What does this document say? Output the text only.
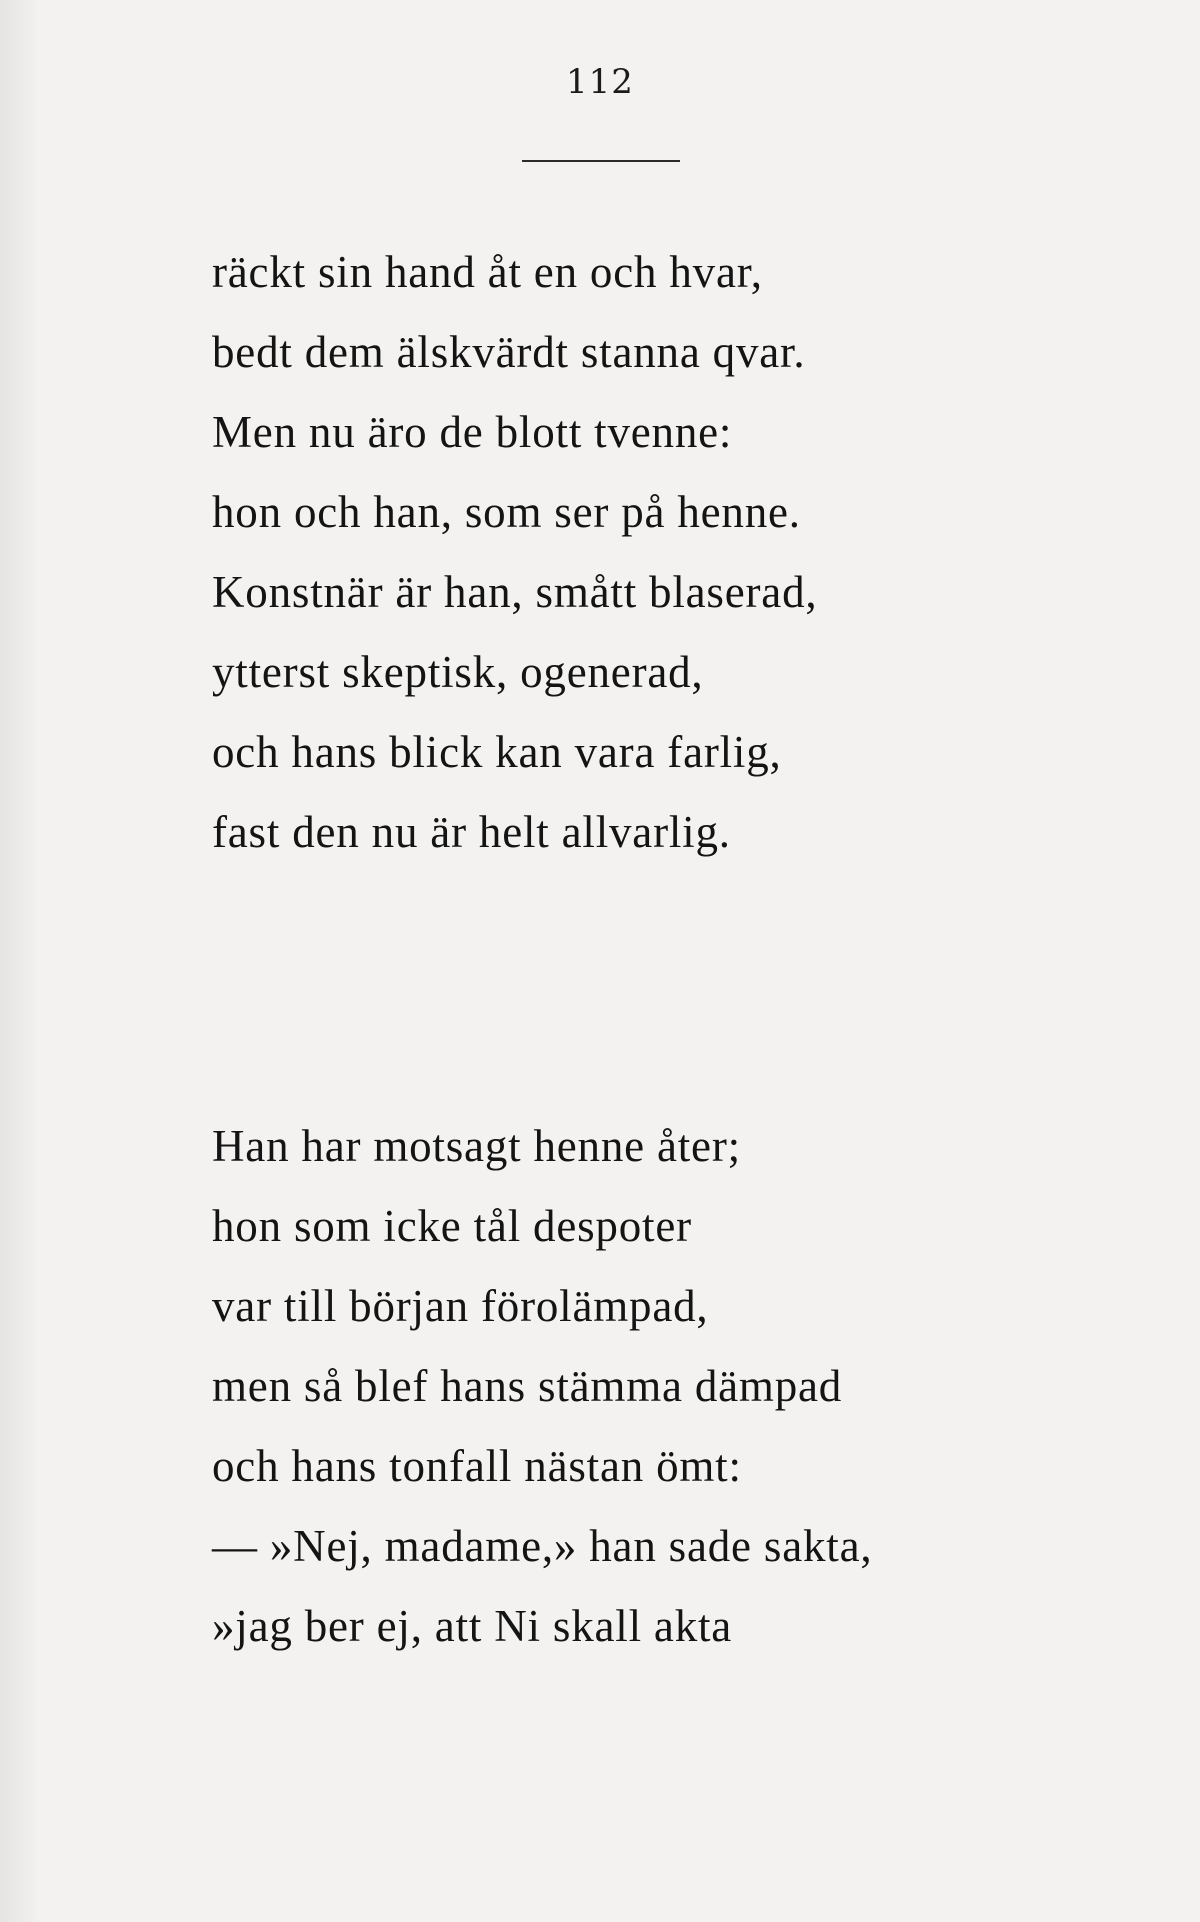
112
räckt sin hand åt en och hvar,
bedt dem älskvärdt stanna qvar.
Men nu äro de blott tvenne:
hon och han, som ser på henne.
Konstnär är han, smått blaserad,
ytterst skeptisk, ogenerad,
och hans blick kan vara farlig,
fast den nu är helt allvarlig.
Han har motsagt henne åter;
hon som icke tål despoter
var till början förolämpad,
men så blef hans stämma dämpad
och hans tonfall nästan ömt:
— »Nej, madame,» han sade sakta,
»jag ber ej, att Ni skall akta
